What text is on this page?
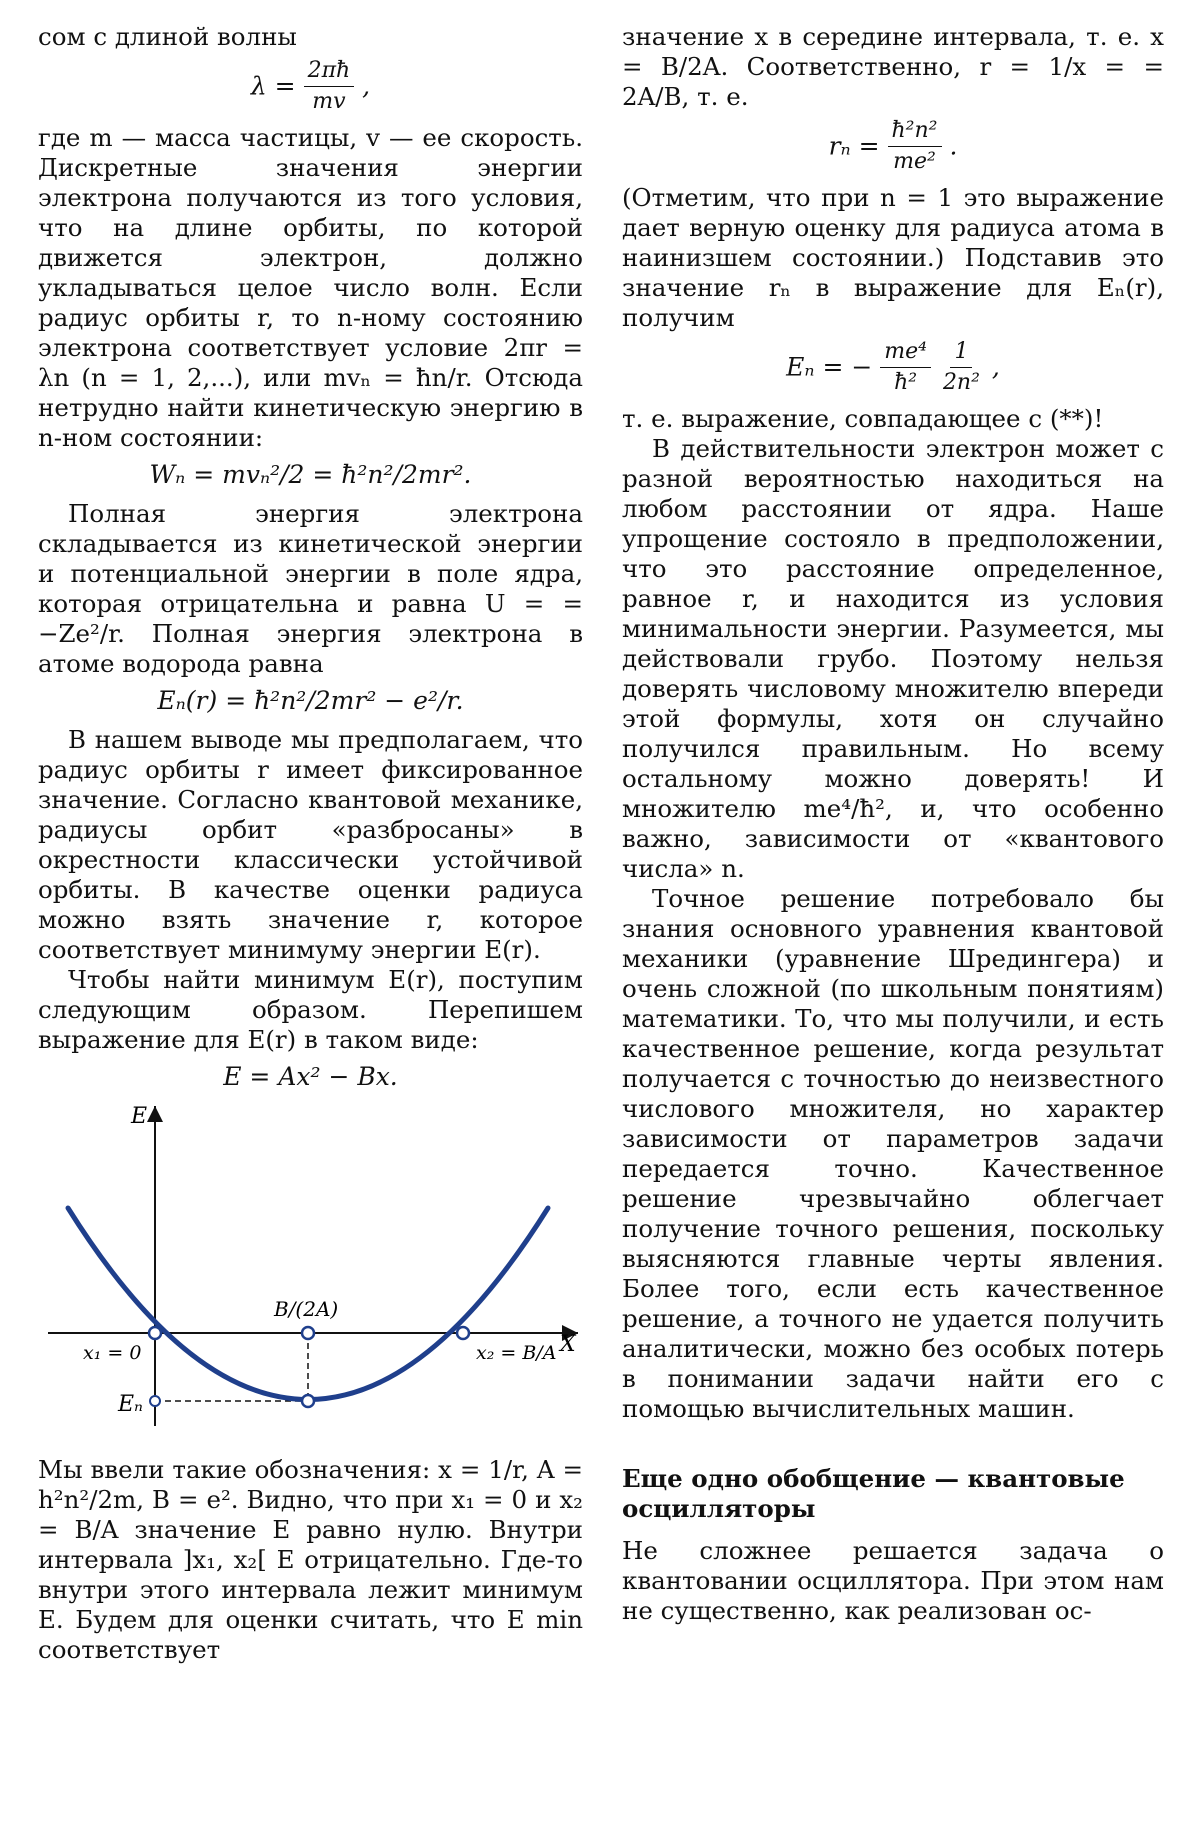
сом с длиной волны

$\lambda = \frac{2\pi ħ}{mv}$ ,

где m — масса частицы, v — ее скорость. Дискретные значения энергии электрона получаются из того условия, что на длине орбиты, по которой движется электрон, должно укладываться целое число волн. Если радиус орбиты r, то n-ному состоянию электрона соответствует условие 2πr = λn (n = 1, 2,...), или mvₙ = ħn/r. Отсюда нетрудно найти кинетическую энергию в n-ном состоянии:

Wₙ = mvₙ²/2 = ħ²n²/2mr².

Полная энергия электрона складывается из кинетической энергии и потенциальной энергии в поле ядра, которая отрицательна и равна U = = −Ze²/r. Полная энергия электрона в атоме водорода равна

Eₙ(r) = ħ²n²/2mr² − e²/r.

В нашем выводе мы предполагаем, что радиус орбиты r имеет фиксированное значение. Согласно квантовой механике, радиусы орбит «разбросаны» в окрестности классически устойчивой орбиты. В качестве оценки радиуса можно взять значение r, которое соответствует минимуму энергии E(r).

Чтобы найти минимум E(r), поступим следующим образом. Перепишем выражение для E(r) в таком виде:

E = Ax² − Bx.
E
X
B/(2A)
x₁ = 0	x₂ = B/A
Eₙ

Мы ввели такие обозначения: x = 1/r, A = h²n²/2m, B = e². Видно, что при x₁ = 0 и x₂ = B/A значение E равно нулю. Внутри интервала ]x₁, x₂[ E отрицательно. Где-то внутри этого интервала лежит минимум E. Будем для оценки считать, что E min соответствует

значение x в середине интервала, т. е. x = B/2A. Соответственно, r = 1/x = = 2A/B, т. е.

$r_n = \frac{\text{ħ²n²}}{\text{me²}}$ .

(Отметим, что при n = 1 это выражение дает верную оценку для радиуса атома в наинизшем состоянии.) Подставив это значение rₙ в выражение для Eₙ(r), получим

Eₙ = − $\frac{\text{me⁴}}{\text{ħ²}}$
$\frac{1}{\text{2n²}}$ ,

т. е. выражение, совпадающее с (**)!

В действительности электрон может с разной вероятностью находиться на любом расстоянии от ядра. Наше упрощение состояло в предположении, что это расстояние определенное, равное r, и находится из условия минимальности энергии. Разумеется, мы действовали грубо. Поэтому нельзя доверять числовому множителю впереди этой формулы, хотя он случайно получился правильным. Но всему остальному можно доверять! И множителю me⁴/ħ², и, что особенно важно, зависимости от «квантового числа» n.

Точное решение потребовало бы знания основного уравнения квантовой механики (уравнение Шредингера) и очень сложной (по школьным понятиям) математики. То, что мы получили, и есть качественное решение, когда результат получается с точностью до неизвестного числового множителя, но характер зависимости от параметров задачи передается точно. Качественное решение чрезвычайно облегчает получение точного решения, поскольку выясняются главные черты явления. Более того, если есть качественное решение, а точного не удается получить аналитически, можно без особых потерь в понимании задачи найти его с помощью вычислительных машин.

Еще одно обобщение — квантовые осцилляторы

Не сложнее решается задача о квантовании осциллятора. При этом нам не существенно, как реализован ос-
